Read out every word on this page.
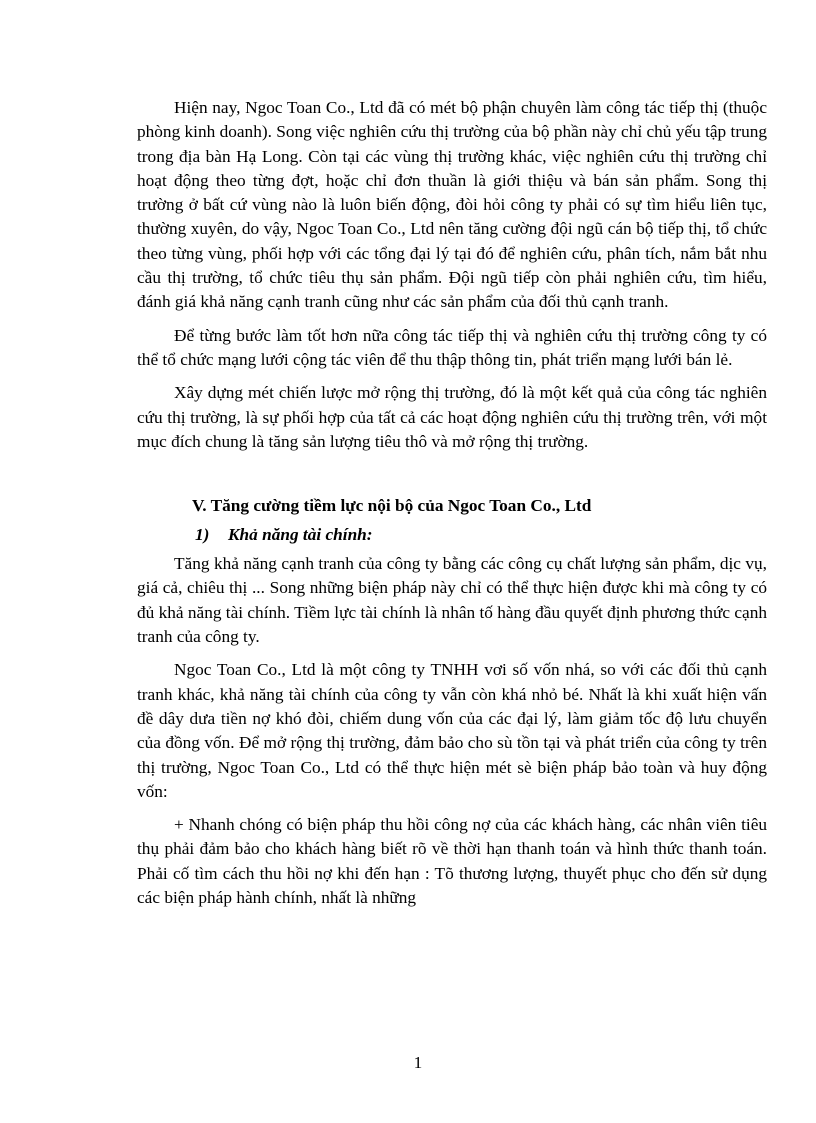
Hiện nay, Ngoc Toan Co., Ltd đã có mét bộ phận chuyên làm công tác tiếp thị (thuộc phòng kinh doanh). Song việc nghiên cứu thị trường của bộ phần này chỉ chủ yếu tập trung trong địa bàn Hạ Long. Còn tại các vùng thị trường khác, việc nghiên cứu thị trường chỉ hoạt động theo từng đợt, hoặc chỉ đơn thuần là giới thiệu và bán sản phẩm. Song thị trường ở bất cứ vùng nào là luôn biến động, đòi hỏi công ty phải có sự tìm hiểu liên tục, thường xuyên, do vậy, Ngoc Toan Co., Ltd nên tăng cường đội ngũ cán bộ tiếp thị, tổ chức theo từng vùng, phối hợp với các tổng đại lý tại đó để nghiên cứu, phân tích, nắm bắt nhu cầu thị trường, tổ chức tiêu thụ sản phẩm. Đội ngũ tiếp còn phải nghiên cứu, tìm hiểu, đánh giá khả năng cạnh tranh cũng như các sản phẩm của đối thủ cạnh tranh.

Để từng bước làm tốt hơn nữa công tác tiếp thị và nghiên cứu thị trường công ty có thể tổ chức mạng lưới cộng tác viên để thu thập thông tin, phát triển mạng lưới bán lẻ.

Xây dựng mét chiến lược mở rộng thị trường, đó là một kết quả của công tác nghiên cứu thị trường, là sự phối hợp của tất cả các hoạt động nghiên cứu thị trường trên, với một mục đích chung là tăng sản lượng tiêu thô và mở rộng thị trường.

V. Tăng cường tiềm lực nội bộ của Ngoc Toan Co., Ltd
1) Khả năng tài chính:

Tăng khả năng cạnh tranh của công ty bằng các công cụ chất lượng sản phẩm, dịc vụ, giá cả, chiêu thị ... Song những biện pháp này chỉ có thể thực hiện được khi mà công ty có đủ khả năng tài chính. Tiềm lực tài chính là nhân tố hàng đầu quyết định phương thức cạnh tranh của công ty.

Ngoc Toan Co., Ltd là một công ty TNHH vơi số vốn nhá, so với các đối thủ cạnh tranh khác, khả năng tài chính của công ty vẫn còn khá nhỏ bé. Nhất là khi xuất hiện vấn đề dây dưa tiền nợ khó đòi, chiếm dung vốn của các đại lý, làm giảm tốc độ lưu chuyển của đồng vốn. Để mở rộng thị trường, đảm bảo cho sù tồn tại và phát triển của công ty trên thị trường, Ngoc Toan Co., Ltd có thể thực hiện mét sè biện pháp bảo toàn và huy động vốn:

+ Nhanh chóng có biện pháp thu hồi công nợ của các khách hàng, các nhân viên tiêu thụ phải đảm bảo cho khách hàng biết rõ về thời hạn thanh toán và hình thức thanh toán. Phải cố tìm cách thu hồi nợ khi đến hạn : Tõ thương lượng, thuyết phục cho đến sử dụng các biện pháp hành chính, nhất là những

1
